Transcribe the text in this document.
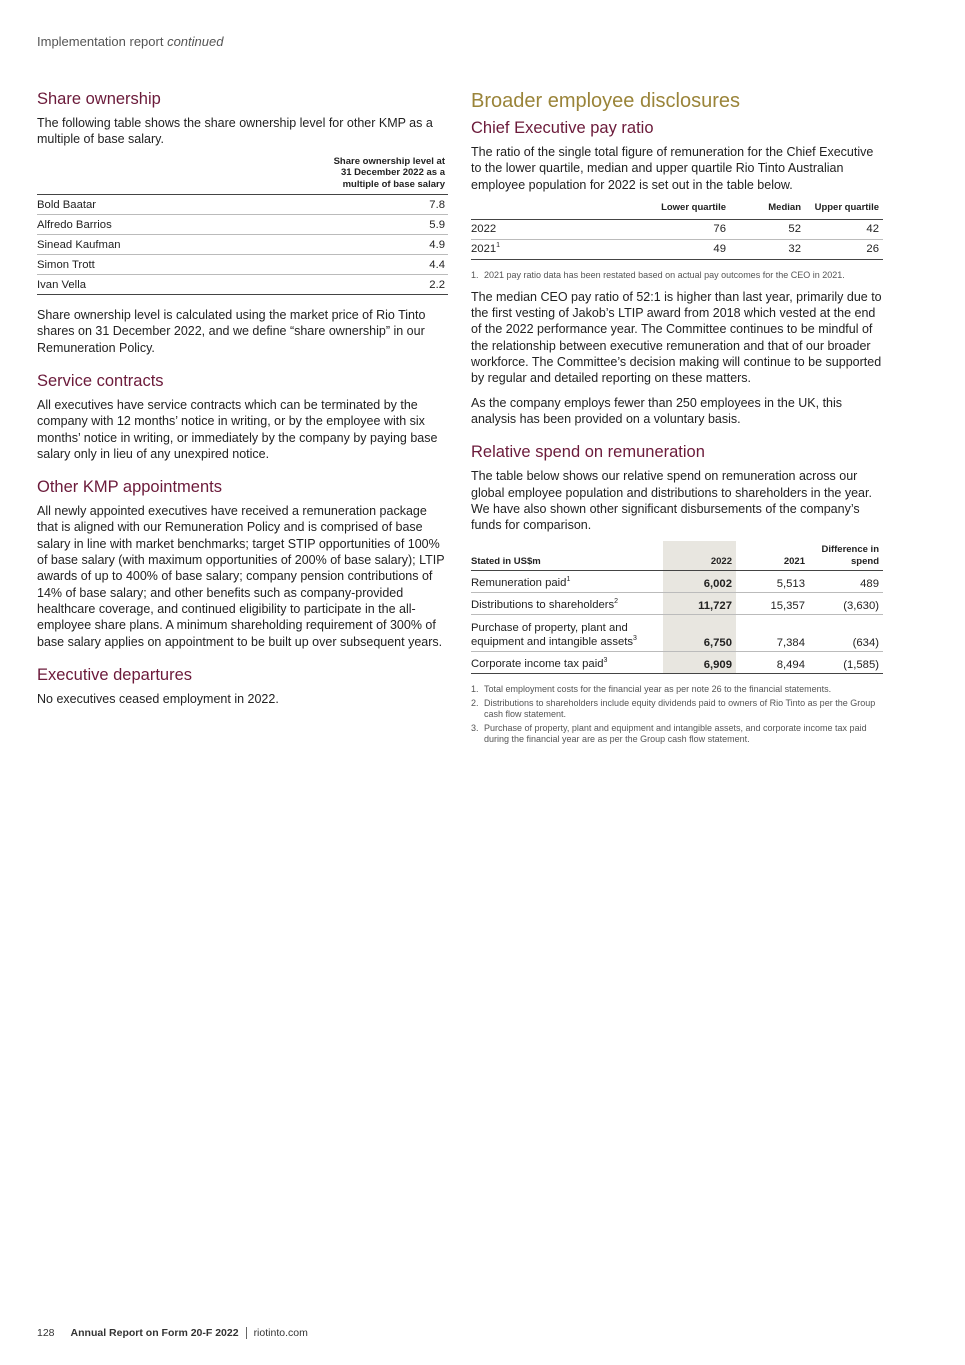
Implementation report continued
Share ownership

The following table shows the share ownership level for other KMP as a multiple of base salary.

Share ownership level at 31 December 2022 as a multiple of base salary
Bold Baatar	7.8
Alfredo Barrios	5.9
Sinead Kaufman	4.9
Simon Trott	4.4
Ivan Vella	2.2

Share ownership level is calculated using the market price of Rio Tinto shares on 31 December 2022, and we define “share ownership” in our Remuneration Policy.

Service contracts

All executives have service contracts which can be terminated by the company with 12 months’ notice in writing, or by the employee with six months’ notice in writing, or immediately by the company by paying base salary only in lieu of any unexpired notice.

Other KMP appointments

All newly appointed executives have received a remuneration package that is aligned with our Remuneration Policy and is comprised of base salary in line with market benchmarks; target STIP opportunities of 100% of base salary (with maximum opportunities of 200% of base salary); LTIP awards of up to 400% of base salary; company pension contributions of 14% of base salary; and other benefits such as company-provided healthcare coverage, and continued eligibility to participate in the all-employee share plans. A minimum shareholding requirement of 300% of base salary applies on appointment to be built up over subsequent years.

Executive departures

No executives ceased employment in 2022.

Broader employee disclosures
Chief Executive pay ratio

The ratio of the single total figure of remuneration for the Chief Executive to the lower quartile, median and upper quartile Rio Tinto Australian employee population for 2022 is set out in the table below.

	Lower quartile	Median	Upper quartile
2022	76	52	42
2021$^1$	49	32	26
1. 2021 pay ratio data has been restated based on actual pay outcomes for the CEO in 2021.

The median CEO pay ratio of 52:1 is higher than last year, primarily due to the first vesting of Jakob’s LTIP award from 2018 which vested at the end of the 2022 performance year. The Committee continues to be mindful of the relationship between executive remuneration and that of our broader workforce. The Committee’s decision making will continue to be supported by regular and detailed reporting on these matters.

As the company employs fewer than 250 employees in the UK, this analysis has been provided on a voluntary basis.

Relative spend on remuneration

The table below shows our relative spend on remuneration across our global employee population and distributions to shareholders in the year. We have also shown other significant disbursements of the company’s funds for comparison.

Stated in US$m	2022	2021	Difference in spend
Remuneration paid$^1$	6,002	5,513	489
Distributions to shareholders$^2$	11,727	15,357	(3,630)
Purchase of property, plant and equipment and intangible assets$^3$	6,750	7,384	(634)
Corporate income tax paid$^3$	6,909	8,494	(1,585)
1. Total employment costs for the financial year as per note 26 to the financial statements.
2. Distributions to shareholders include equity dividends paid to owners of Rio Tinto as per the Group cash flow statement.
3. Purchase of property, plant and equipment and intangible assets, and corporate income tax paid during the financial year are as per the Group cash flow statement.
128 Annual Report on Form 20-F 2022 riotinto.com
